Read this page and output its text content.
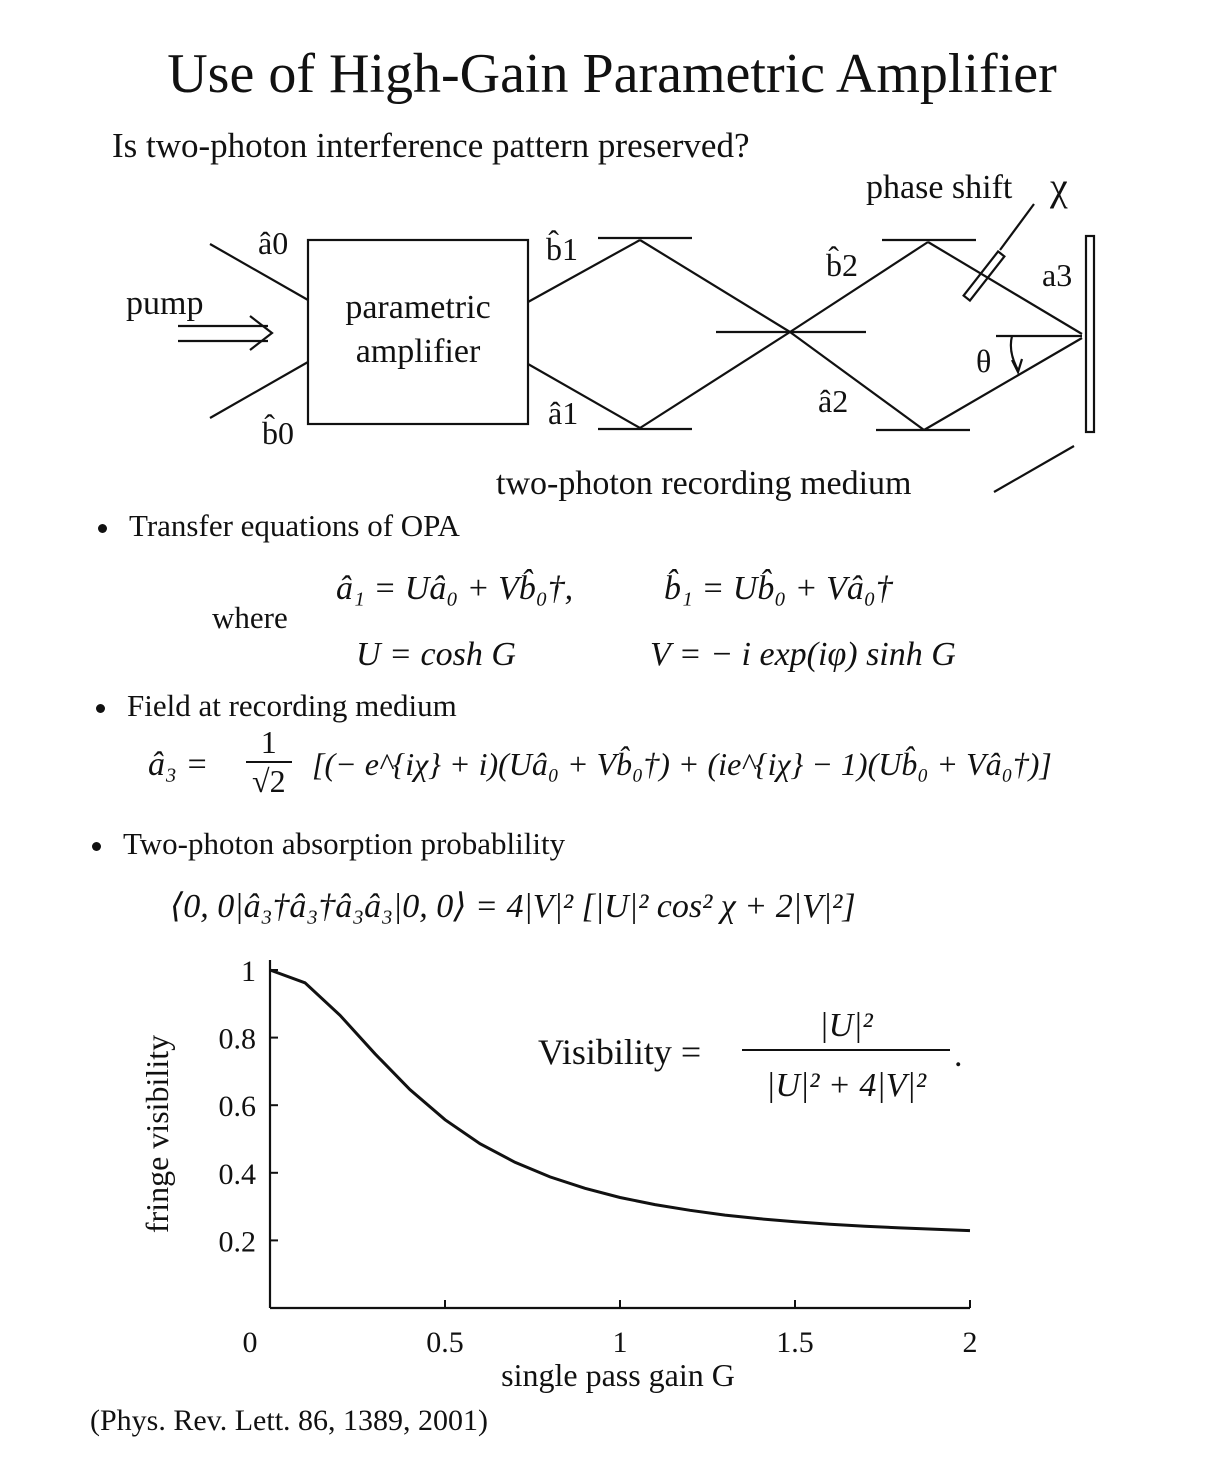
Use of High-Gain Parametric Amplifier
Is two-photon interference pattern preserved?
phase shift χ
pump	parametric
amplifier
â0
b̂0
b̂1
â1
b̂2
â2
a3
θ
two-photon recording medium
Transfer equations of OPA
â₁ = Uâ₀ + Vb̂₀†,	b̂₁ = Ub̂₀ + Vâ₀†
where
U = cosh G	V = − i exp(iφ) sinh G
Field at recording medium
â₃ = $\frac{1}{√2}$ [(− e^{iχ} + i)(Uâ₀ + Vb̂₀†) + (ie^{iχ} − 1)(Ub̂₀ + Vâ₀†)]
Two-photon absorption probablility
⟨0, 0|â₃†â₃†â₃â₃|0, 0⟩ = 4|V|² [|U|² cos² χ + 2|V|²]
0	0.5	1	1.5	2
0.2
0.4
0.6
0.8
1
single pass gain G
fringe visibility	Visibility =
|U|²
|U|² + 4|V|²
.
(Phys. Rev. Lett. 86, 1389, 2001)
